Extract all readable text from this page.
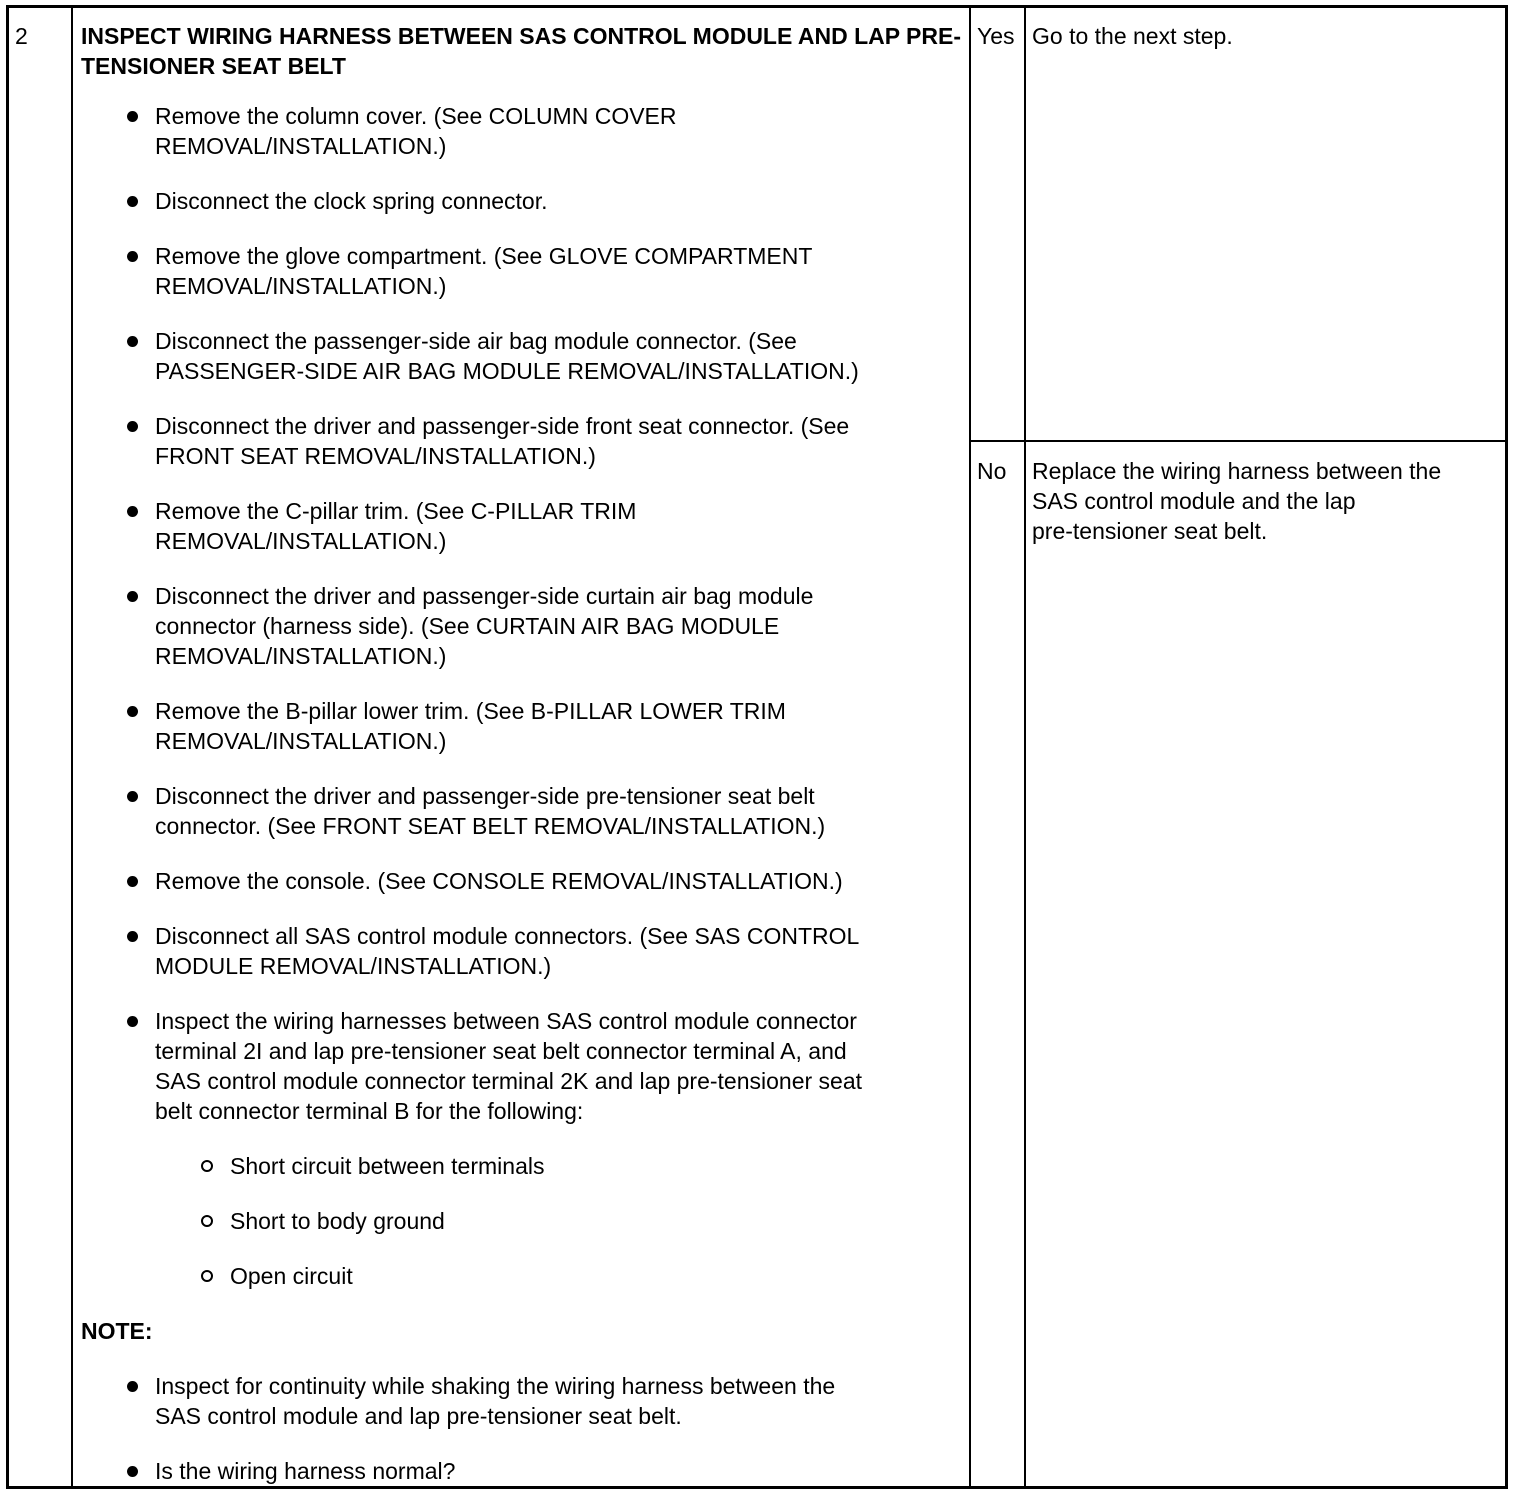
2 INSPECT WIRING HARNESS BETWEEN SAS CONTROL MODULE AND LAP PRE-TENSIONER SEAT BELT
Remove the column cover. (See COLUMN COVER
REMOVAL/INSTALLATION.)
Disconnect the clock spring connector.
Remove the glove compartment. (See GLOVE COMPARTMENT
REMOVAL/INSTALLATION.)
Disconnect the passenger-side air bag module connector. (See
PASSENGER-SIDE AIR BAG MODULE REMOVAL/INSTALLATION.)
Disconnect the driver and passenger-side front seat connector. (See
FRONT SEAT REMOVAL/INSTALLATION.)
Remove the C-pillar trim. (See C-PILLAR TRIM
REMOVAL/INSTALLATION.)
Disconnect the driver and passenger-side curtain air bag module
connector (harness side). (See CURTAIN AIR BAG MODULE
REMOVAL/INSTALLATION.)
Remove the B-pillar lower trim. (See B-PILLAR LOWER TRIM
REMOVAL/INSTALLATION.)
Disconnect the driver and passenger-side pre-tensioner seat belt
connector. (See FRONT SEAT BELT REMOVAL/INSTALLATION.)
Remove the console. (See CONSOLE REMOVAL/INSTALLATION.)
Disconnect all SAS control module connectors. (See SAS CONTROL
MODULE REMOVAL/INSTALLATION.)
Inspect the wiring harnesses between SAS control module connector
terminal 2I and lap pre-tensioner seat belt connector terminal A, and
SAS control module connector terminal 2K and lap pre-tensioner seat
belt connector terminal B for the following:
Short circuit between terminals
Short to body ground
Open circuit
NOTE:
Inspect for continuity while shaking the wiring harness between the
SAS control module and lap pre-tensioner seat belt.
Is the wiring harness normal?
Yes Go to the next step.
No Replace the wiring harness between the
SAS control module and the lap
pre-tensioner seat belt.
